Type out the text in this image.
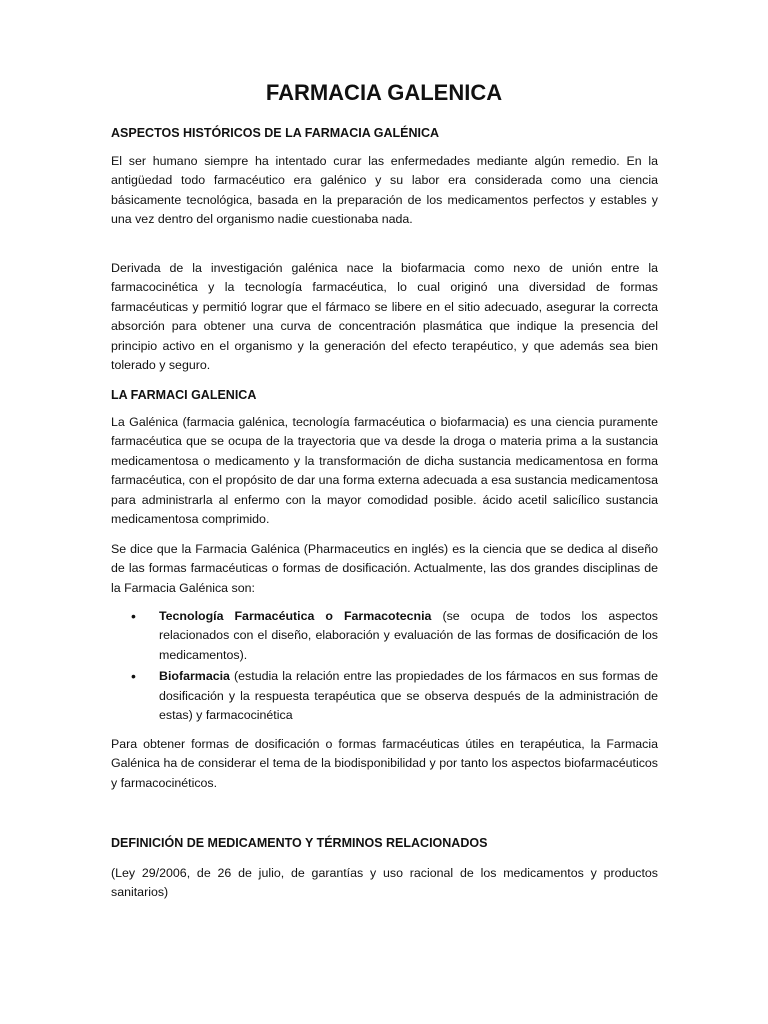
FARMACIA GALENICA
ASPECTOS HISTÓRICOS DE LA FARMACIA GALÉNICA

El ser humano siempre ha intentado curar las enfermedades mediante algún remedio. En la antigüedad todo farmacéutico era galénico y su labor era considerada como una ciencia básicamente tecnológica, basada en la preparación de los medicamentos perfectos y estables y una vez dentro del organismo nadie cuestionaba nada.

Derivada de la investigación galénica nace la biofarmacia como nexo de unión entre la farmacocinética y la tecnología farmacéutica, lo cual originó una diversidad de formas farmacéuticas y permitió lograr que el fármaco se libere en el sitio adecuado, asegurar la correcta absorción para obtener una curva de concentración plasmática que indique la presencia del principio activo en el organismo y la generación del efecto terapéutico, y que además sea bien tolerado y seguro.

LA FARMACI GALENICA

La Galénica (farmacia galénica, tecnología farmacéutica o biofarmacia) es una ciencia puramente farmacéutica que se ocupa de la trayectoria que va desde la droga o materia prima a la sustancia medicamentosa o medicamento y la transformación de dicha sustancia medicamentosa en forma farmacéutica, con el propósito de dar una forma externa adecuada a esa sustancia medicamentosa para administrarla al enfermo con la mayor comodidad posible. ácido acetil salicílico sustancia medicamentosa comprimido.

Se dice que la Farmacia Galénica (Pharmaceutics en inglés) es la ciencia que se dedica al diseño de las formas farmacéuticas o formas de dosificación. Actualmente, las dos grandes disciplinas de la Farmacia Galénica son:

• Tecnología Farmacéutica o Farmacotecnia (se ocupa de todos los aspectos relacionados con el diseño, elaboración y evaluación de las formas de dosificación de los medicamentos).
• Biofarmacia (estudia la relación entre las propiedades de los fármacos en sus formas de dosificación y la respuesta terapéutica que se observa después de la administración de estas) y farmacocinética

Para obtener formas de dosificación o formas farmacéuticas útiles en terapéutica, la Farmacia Galénica ha de considerar el tema de la biodisponibilidad y por tanto los aspectos biofarmacéuticos y farmacocinéticos.

DEFINICIÓN DE MEDICAMENTO Y TÉRMINOS RELACIONADOS

(Ley 29/2006, de 26 de julio, de garantías y uso racional de los medicamentos y productos sanitarios)
